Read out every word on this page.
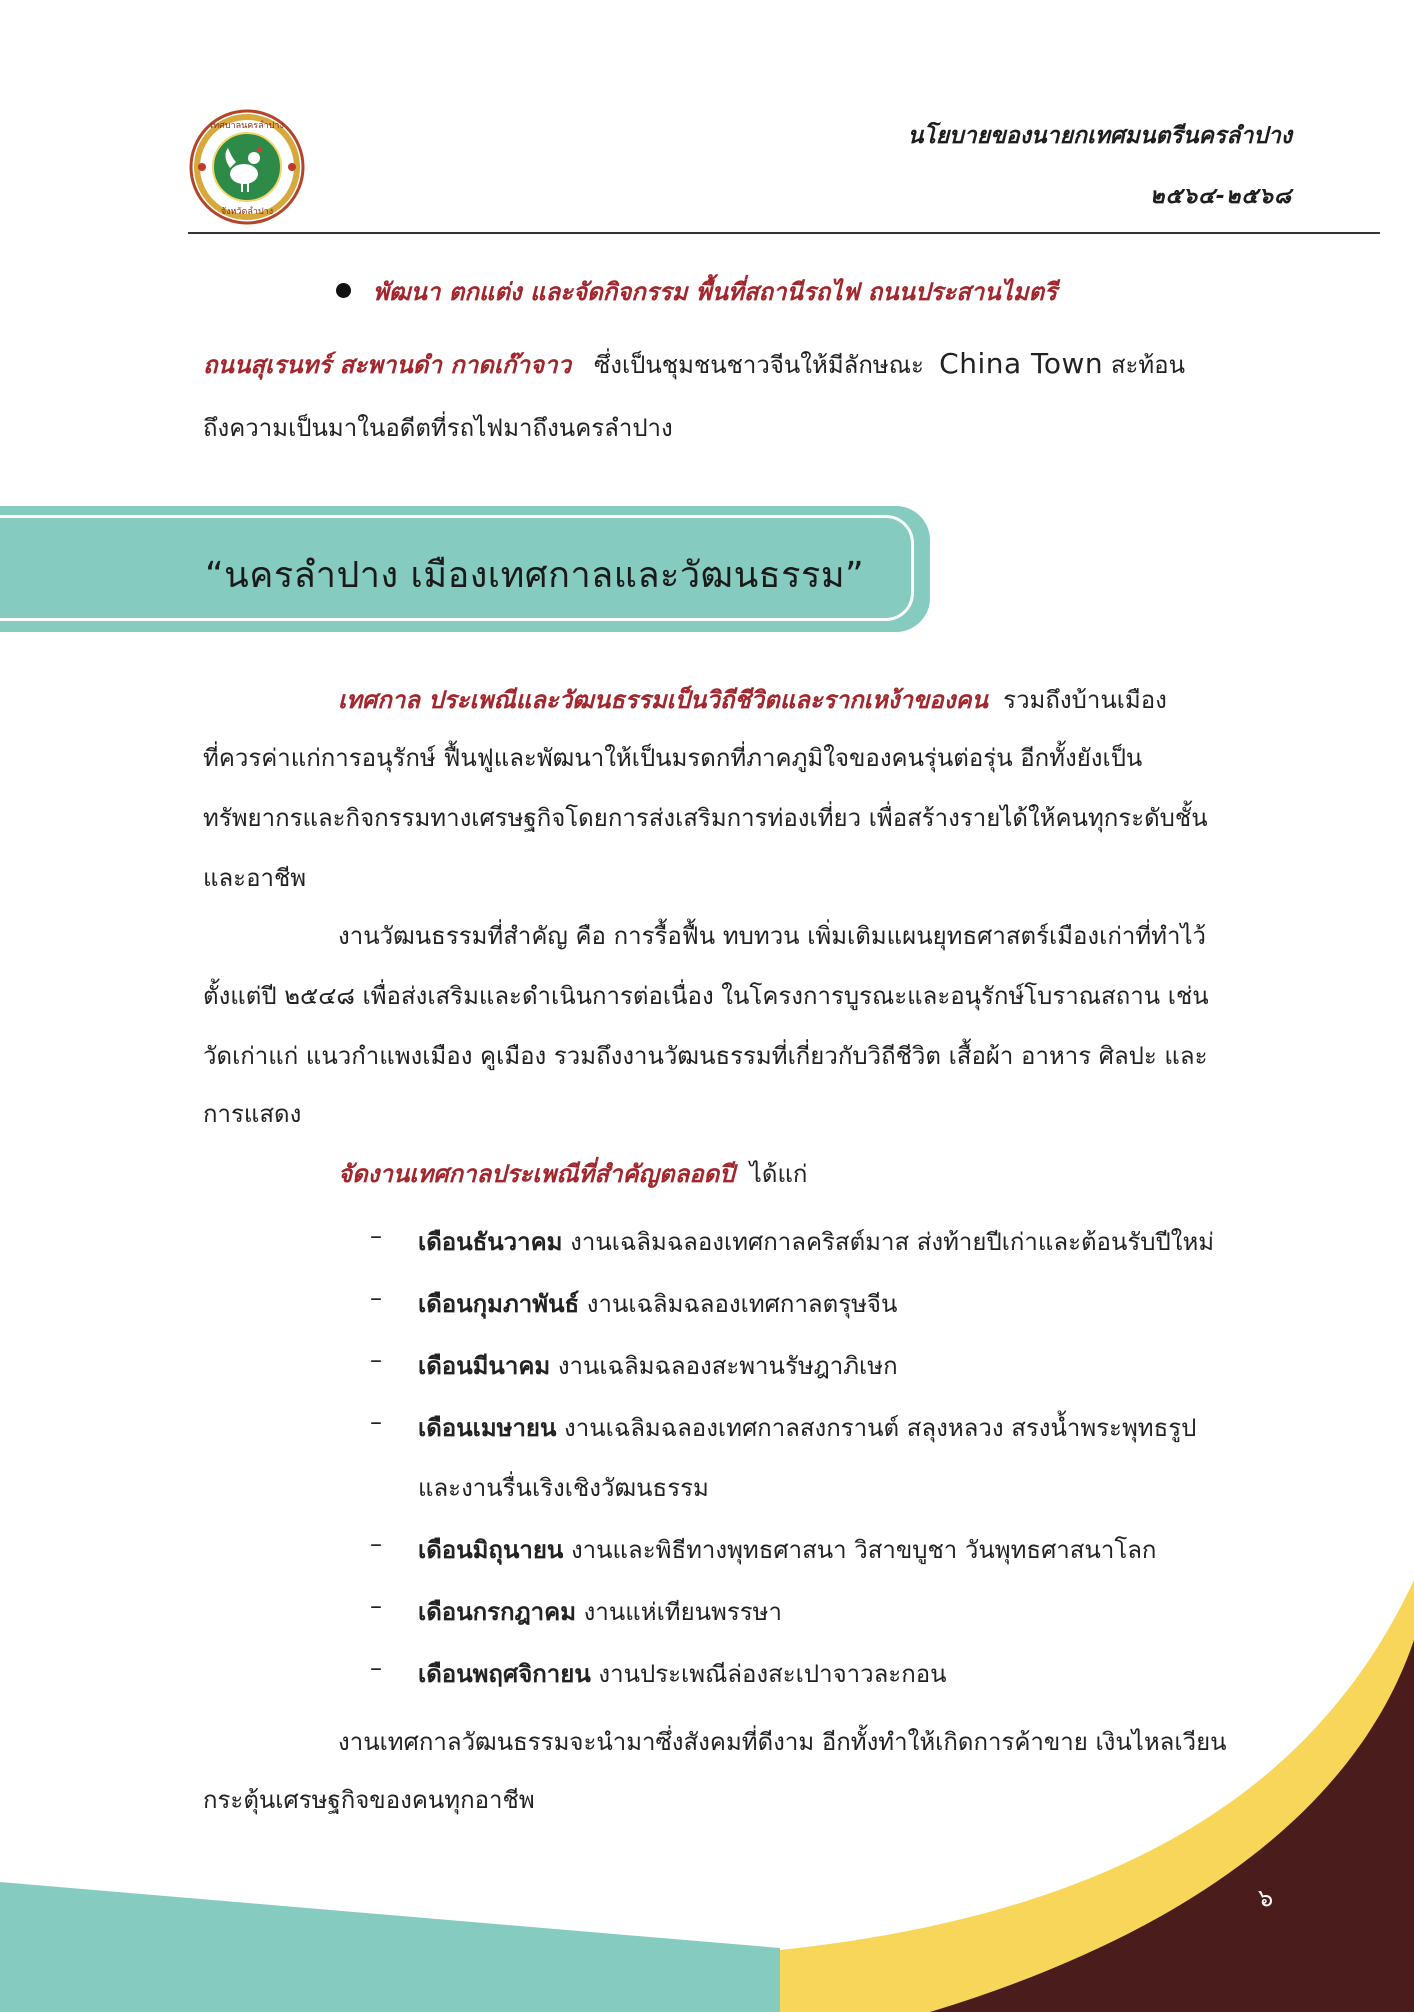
เทศบาลนครลำปาง
จังหวัดลำปาง
นโยบายของนายกเทศมนตรีนครลำปาง
๒๕๖๔-๒๕๖๘
พัฒนา ตกแต่ง และจัดกิจกรรม พื้นที่สถานีรถไฟ ถนนประสานไมตรี
ถนนสุเรนทร์ สะพานดำ กาดเก๊าจาว ซึ่งเป็นชุมชนชาวจีนให้มีลักษณะ China Town สะท้อน
ถึงความเป็นมาในอดีตที่รถไฟมาถึงนครลำปาง
“นครลำปาง เมืองเทศกาลและวัฒนธรรม”
เทศกาล ประเพณีและวัฒนธรรมเป็นวิถีชีวิตและรากเหง้าของคน รวมถึงบ้านเมือง
ที่ควรค่าแก่การอนุรักษ์ ฟื้นฟูและพัฒนาให้เป็นมรดกที่ภาคภูมิใจของคนรุ่นต่อรุ่น อีกทั้งยังเป็น
ทรัพยากรและกิจกรรมทางเศรษฐกิจโดยการส่งเสริมการท่องเที่ยว เพื่อสร้างรายได้ให้คนทุกระดับชั้น
และอาชีพ
งานวัฒนธรรมที่สำคัญ คือ การรื้อฟื้น ทบทวน เพิ่มเติมแผนยุทธศาสตร์เมืองเก่าที่ทำไว้
ตั้งแต่ปี ๒๕๔๘ เพื่อส่งเสริมและดำเนินการต่อเนื่อง ในโครงการบูรณะและอนุรักษ์โบราณสถาน เช่น
วัดเก่าแก่ แนวกำแพงเมือง คูเมือง รวมถึงงานวัฒนธรรมที่เกี่ยวกับวิถีชีวิต เสื้อผ้า อาหาร ศิลปะ และ
การแสดง
จัดงานเทศกาลประเพณีที่สำคัญตลอดปี ได้แก่
– เดือนธันวาคม งานเฉลิมฉลองเทศกาลคริสต์มาส ส่งท้ายปีเก่าและต้อนรับปีใหม่
– เดือนกุมภาพันธ์ งานเฉลิมฉลองเทศกาลตรุษจีน
– เดือนมีนาคม งานเฉลิมฉลองสะพานรัษฎาภิเษก
– เดือนเมษายน งานเฉลิมฉลองเทศกาลสงกรานต์ สลุงหลวง สรงน้ำพระพุทธรูป
และงานรื่นเริงเชิงวัฒนธรรม
– เดือนมิถุนายน งานและพิธีทางพุทธศาสนา วิสาขบูชา วันพุทธศาสนาโลก
– เดือนกรกฎาคม งานแห่เทียนพรรษา
– เดือนพฤศจิกายน งานประเพณีล่องสะเปาจาวละกอน
งานเทศกาลวัฒนธรรมจะนำมาซึ่งสังคมที่ดีงาม อีกทั้งทำให้เกิดการค้าขาย เงินไหลเวียน
กระตุ้นเศรษฐกิจของคนทุกอาชีพ
๖
